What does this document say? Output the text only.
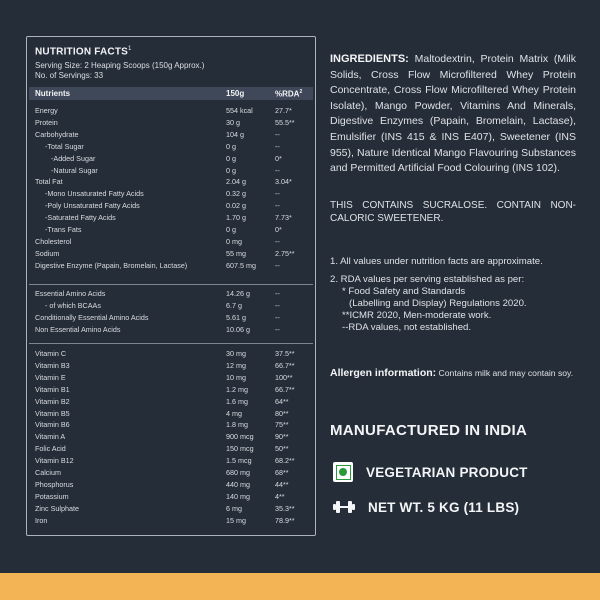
NUTRITION FACTS$^1$
Serving Size: 2 Heaping Scoops (150g Approx.)
No. of Servings: 33
Nutrients	150g	%RDA$^2$
Energy	554 kcal	27.7*
Protein	30 g	55.5**
Carbohydrate	104 g	--
-Total Sugar	0 g	--
-Added Sugar	0 g	0*
-Natural Sugar	0 g	--
Total Fat	2.04 g	3.04*
-Mono Unsaturated Fatty Acids	0.32 g	--
-Poly Unsaturated Fatty Acids	0.02 g	--
-Saturated Fatty Acids	1.70 g	7.73*
-Trans Fats	0 g	0*
Cholesterol	0 mg	--
Sodium	55 mg	2.75**
Digestive Enzyme (Papain, Bromelain, Lactase)	607.5 mg	--
Essential Amino Acids	14.26 g	--
- of which BCAAs	6.7 g	--
Conditionally Essential Amino Acids	5.61 g	--
Non Essential Amino Acids	10.06 g	--
Vitamin C	30 mg	37.5**
Vitamin B3	12 mg	66.7**
Vitamin E	10 mg	100**
Vitamin B1	1.2 mg	66.7**
Vitamin B2	1.6 mg	64**
Vitamin B5	4 mg	80**
Vitamin B6	1.8 mg	75**
Vitamin A	900 mcg	90**
Folic Acid	150 mcg	50**
Vitamin B12	1.5 mcg	68.2**
Calcium	680 mg	68**
Phosphorus	440 mg	44**
Potassium	140 mg	4**
Zinc Sulphate	6 mg	35.3**
Iron	15 mg	78.9**
INGREDIENTS: Maltodextrin, Protein Matrix (Milk Solids, Cross Flow Microfiltered Whey Protein Concentrate, Cross Flow Microfiltered Whey Protein Isolate), Mango Powder, Vitamins And Minerals, Digestive Enzymes (Papain, Bromelain, Lactase), Emulsifier (INS 415 & INS E407), Sweetener (INS 955), Nature Identical Mango Flavouring Substances and Permitted Artificial Food Colouring (INS 102).
THIS CONTAINS SUCRALOSE. CONTAIN NON-CALORIC SWEETENER.
1. All values under nutrition facts are approximate.
2. RDA values per serving established as per:
* Food Safety and Standards
(Labelling and Display) Regulations 2020.
**ICMR 2020, Men-moderate work.
--RDA values, not established.
Allergen information: Contains milk and may contain soy.
MANUFACTURED IN INDIA
VEGETARIAN PRODUCT
NET WT. 5 KG (11 LBS)
